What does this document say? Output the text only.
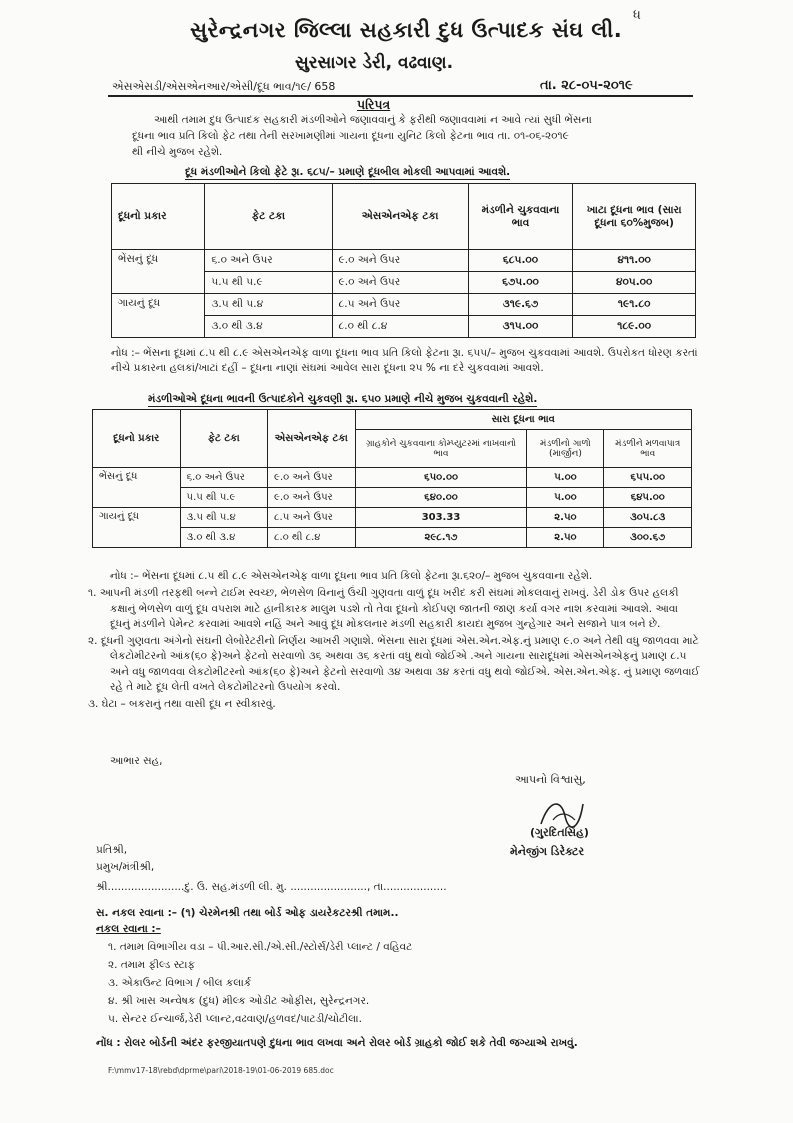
ધ
સુરેન્દ્રનગર જિલ્લા સહકારી દુધ ઉત્પાદક સંઘ લી.
સુરસાગર ડેરી, વઢવાણ.
એસએસડી/એસએનઆર/એસી/દૂધ ભાવ/૧૯/ 658	તા. ૨૮-૦૫-૨૦૧૯
પરિપત્ર
આથી તમામ દુધ ઉત્પાદક સહકારી મંડળીઓને જણાવવાનું કે ફરીથી જણાવવામાં ન આવે ત્યાં સુધી ભેંસના
દૂધના ભાવ પ્રતિ કિલો ફેટ તથા તેની સરખામણીમાં ગાયના દૂધના યુનિટ કિલો ફેટના ભાવ તા. ૦૧-૦૬-૨૦૧૯
થી નીચે મુજબ રહેશે.
દૂધ મંડળીઓને કિલો ફેટે રૂા. ૬૮૫/– પ્રમાણે દૂધબીલ મોકલી આપવામાં આવશે.
દૂધનો પ્રકાર	ફેટ ટકા	એસએનએફ ટકા	મંડળીને ચુકવવાના ભાવ	ખાટા દૂધના ભાવ (સારા દૂધના ૬૦%મુજબ)
ભેંસનું દૂધ	૬.૦ અને ઉપર	૯.૦ અને ઉપર	૬૮૫.૦૦	૪૧૧.૦૦
	૫.૫ થી ૫.૯	૯.૦ અને ઉપર	૬૭૫.૦૦	૪૦૫.૦૦
ગાયનું દૂધ	૩.૫ થી ૫.૪	૮.૫ અને ઉપર	૩૧૯.૬૭	૧૯૧.૮૦
	૩.૦ થી ૩.૪	૮.૦ થી ૮.૪	૩૧૫.૦૦	૧૮૯.૦૦
નોધ :– ભેંસના દૂધમાં ૮.૫ થી ૮.૯ એસએનએફ વાળા દૂધના ભાવ પ્રતિ કિલો ફેટના રૂા. ૬૫૫/– મુજબ ચુકવવામાં આવશે. ઉપરોકત ધોરણ કરતાં નીચે પ્રકારના હલકાં/ખાટાં દહીં – દૂધના નાણાં સંઘમાં આવેલ સારા દૂધના ૨૫ % ના દરે ચુકવવામાં આવશે.
મંડળીઓએ દૂધના ભાવની ઉત્પાદકોને ચુકવણી રૂા. ૬૫૦ પ્રમાણે નીચે મુજબ ચુકવવાની રહેશે.
દૂધનો પ્રકાર	ફેટ ટકા	એસએનએફ ટકા	સારા દૂધના ભાવ		
			ગ્રાહકોને ચુકવવાના કોમ્પ્યુટરમાં નાખવાનો ભાવ	મંડળીનો ગાળો (માર્જીન)	મંડળીને મળવાપાત્ર ભાવ
ભેંસનું દૂધ	૬.૦ અને ઉપર	૯.૦ અને ઉપર	૬૫૦.૦૦	૫.૦૦	૬૫૫.૦૦
	૫.૫ થી ૫.૯	૯.૦ અને ઉપર	૬૪૦.૦૦	૫.૦૦	૬૪૫.૦૦
ગાયનું દૂધ	૩.૫ થી ૫.૪	૮.૫ અને ઉપર	303.33	૨.૫૦	૩૦૫.૮૩
	૩.૦ થી ૩.૪	૮.૦ થી ૮.૪	૨૯૮.૧૭	૨.૫૦	૩૦૦.૬૭
નોધ :– ભેંસના દૂધમાં ૮.૫ થી ૮.૯ એસએનએફ વાળા દૂધના ભાવ પ્રતિ કિલો ફેટના રૂા.૬૨૦/– મુજબ ચુકવવાના રહેશે.
૧. આપની મંડળી તરફથી બન્ને ટાઈમ સ્વચ્છ, ભેળસેળ વિનાનું ઉંચી ગુણવતા વાળું દૂધ ખરીદ કરી સંઘમાં મોકલવાનું રાખવું. ડેરી ડોક ઉપર હલકી કક્ષાનું ભેળસેળ વાળું દૂધ વપરાશ માટે હાનીકારક માલુમ પડશે તો તેવા દૂધનો કોઈપણ જાતની જાણ કર્યા વગર નાશ કરવામાં આવશે. આવા દૂધનું મંડળીને પેમેન્ટ કરવામાં આવશે નહિં અને આવું દૂધ મોકલનાર મંડળી સહકારી કાયદા મુજબ ગુન્હેગાર અને સજાને પાત્ર બને છે.
૨. દૂધની ગુણવતા અંગેનો સંઘની લેબોરેટરીનો નિર્ણય આખરી ગણાશે. ભેંસના સારા દૂધમાં એસ.એન.એફ.નું પ્રમાણ ૯.૦ અને તેથી વધુ જાળવવા માટે લેકટોમીટરનો આંક(૬૦ ફે)અને ફેટનો સરવાળો ૩૬ અથવા ૩૬ કરતાં વધુ થવો જોઈએ .અને ગાયના સારાદૂધમાં એસએનએફનું પ્રમાણ ૮.૫ અને વધુ જાળવવા લેકટોમીટરનો આંક(૬૦ ફે)અને ફેટનો સરવાળો ૩૪ અથવા ૩૪ કરતાં વધુ થવો જોઈએ. એસ.એન.એફ. નું પ્રમાણ જળવાઈ રહે તે માટે દૂધ લેતી વખતે લેકટોમીટરનો ઉપયોગ કરવો.
૩. ઘેટા – બકરાનું તથા વાસી દૂધ ન સ્વીકારવું.
આભાર સહ,
આપનો વિશ્વાસુ,
(ગુરદિતસિંહ)
મેનેજીંગ ડિરેક્ટર
પ્રતિશ્રી,
પ્રમુખ/મંત્રીશ્રી,
શ્રી.......................દુ. ઉ. સહ.મંડળી લી. મુ. ......................., તા...................
સ. નકલ રવાના :– (૧) ચેરમેનશ્રી તથા બોર્ડ ઓફ ડાયરેકટરશ્રી તમામ..
નકલ રવાના :–
૧. તમામ વિભાગીય વડા – પી.આર.સી./એ.સી./સ્ટોર્સ/ડેરી પ્લાન્ટ / વહિવટ
૨. તમામ ફીલ્ડ સ્ટાફ
૩. એકાઉન્ટ વિભાગ / બીલ કલાર્ક
૪. શ્રી ખાસ અન્વેષક (દુધ) મીલ્ક ઓડીટ ઓફીસ, સુરેન્દ્રનગર.
૫. સેન્ટર ઈન્ચાર્જ,ડેરી પ્લાન્ટ,વઢવાણ/હળવદ/પાટડી/ચોટીલા.
નોંધ : રોલર બોર્ડની અંદર ફરજીયાતપણે દુધના ભાવ લખવા અને રોલર બોર્ડ ગ્રાહકો જોઈ શકે તેવી જગ્યાએ રાખવું.
F:\mmv17-18\rebd\dprme\pari\2018-19\01-06-2019 685.doc
